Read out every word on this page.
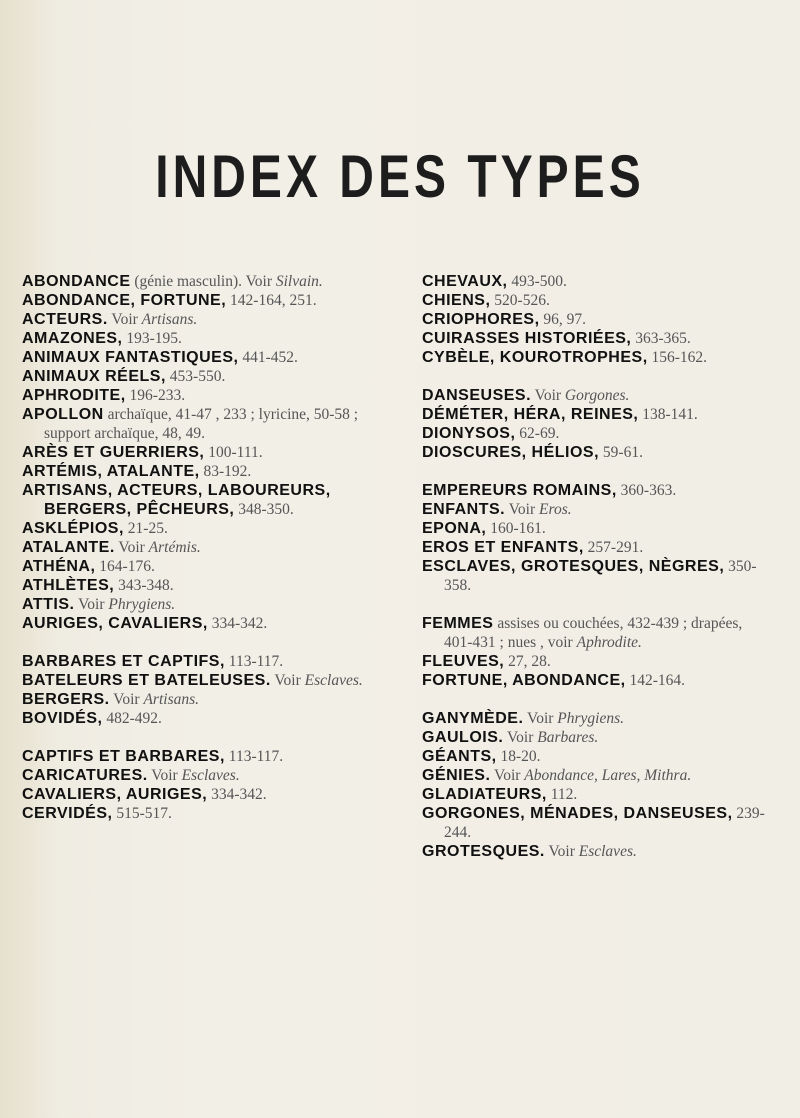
INDEX DES TYPES
ABONDANCE (génie masculin). Voir Silvain.
ABONDANCE, FORTUNE, 142-164, 251.
ACTEURS. Voir Artisans.
AMAZONES, 193-195.
ANIMAUX FANTASTIQUES, 441-452.
ANIMAUX RÉELS, 453-550.
APHRODITE, 196-233.
APOLLON archaïque, 41-47 , 233 ; lyricine, 50-58 ; support archaïque, 48, 49.
ARÈS ET GUERRIERS, 100-111.
ARTÉMIS, ATALANTE, 83-192.
ARTISANS, ACTEURS, LABOUREURS, BERGERS, PÊCHEURS, 348-350.
ASKLÉPIOS, 21-25.
ATALANTE. Voir Artémis.
ATHÉNA, 164-176.
ATHLÈTES, 343-348.
ATTIS. Voir Phrygiens.
AURIGES, CAVALIERS, 334-342.
BARBARES ET CAPTIFS, 113-117.
BATELEURS ET BATELEUSES. Voir Esclaves.
BERGERS. Voir Artisans.
BOVIDÉS, 482-492.
CAPTIFS ET BARBARES, 113-117.
CARICATURES. Voir Esclaves.
CAVALIERS, AURIGES, 334-342.
CERVIDÉS, 515-517.
CHEVAUX, 493-500.
CHIENS, 520-526.
CRIOPHORES, 96, 97.
CUIRASSES HISTORIÉES, 363-365.
CYBÈLE, KOUROTROPHES, 156-162.
DANSEUSES. Voir Gorgones.
DÉMÉTER, HÉRA, REINES, 138-141.
DIONYSOS, 62-69.
DIOSCURES, HÉLIOS, 59-61.
EMPEREURS ROMAINS, 360-363.
ENFANTS. Voir Eros.
EPONA, 160-161.
EROS ET ENFANTS, 257-291.
ESCLAVES, GROTESQUES, NÈGRES, 350-358.
FEMMES assises ou couchées, 432-439 ; drapées, 401-431 ; nues , voir Aphrodite.
FLEUVES, 27, 28.
FORTUNE, ABONDANCE, 142-164.
GANYMÈDE. Voir Phrygiens.
GAULOIS. Voir Barbares.
GÉANTS, 18-20.
GÉNIES. Voir Abondance, Lares, Mithra.
GLADIATEURS, 112.
GORGONES, MÉNADES, DANSEUSES, 239-244.
GROTESQUES. Voir Esclaves.
